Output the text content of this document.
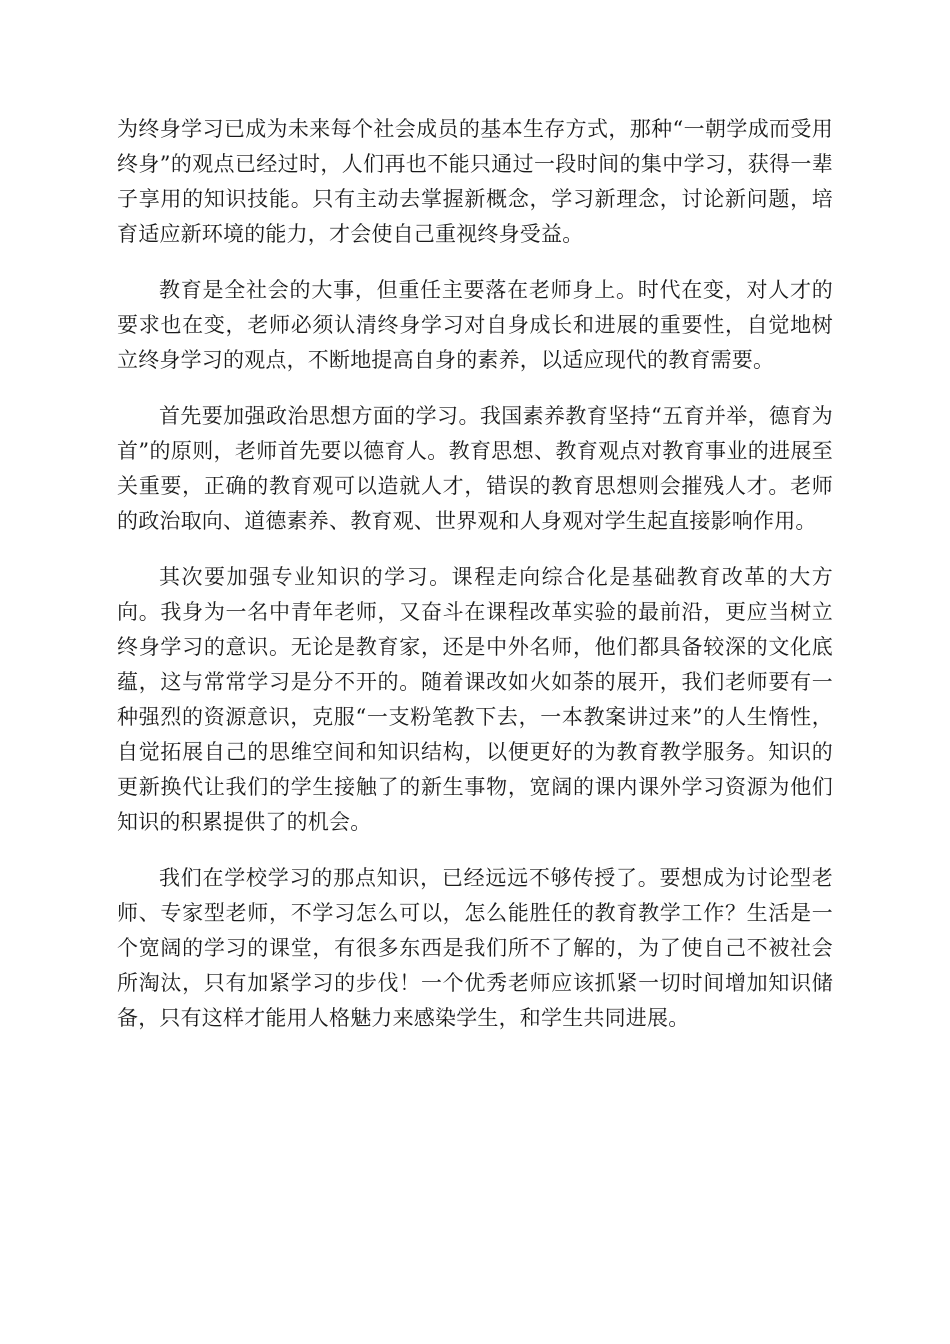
为终身学习已成为未来每个社会成员的基本生存方式，那种“一朝学成而受用终身”的观点已经过时，人们再也不能只通过一段时间的集中学习，获得一辈子享用的知识技能。只有主动去掌握新概念，学习新理念，讨论新问题，培育适应新环境的能力，才会使自己重视终身受益。

教育是全社会的大事，但重任主要落在老师身上。时代在变，对人才的要求也在变，老师必须认清终身学习对自身成长和进展的重要性，自觉地树立终身学习的观点，不断地提高自身的素养，以适应现代的教育需要。

首先要加强政治思想方面的学习。我国素养教育坚持“五育并举，德育为首”的原则，老师首先要以德育人。教育思想、教育观点对教育事业的进展至关重要，正确的教育观可以造就人才，错误的教育思想则会摧残人才。老师的政治取向、道德素养、教育观、世界观和人身观对学生起直接影响作用。

其次要加强专业知识的学习。课程走向综合化是基础教育改革的大方向。我身为一名中青年老师，又奋斗在课程改革实验的最前沿，更应当树立终身学习的意识。无论是教育家，还是中外名师，他们都具备较深的文化底蕴，这与常常学习是分不开的。随着课改如火如荼的展开，我们老师要有一种强烈的资源意识，克服“一支粉笔教下去，一本教案讲过来”的人生惰性，自觉拓展自己的思维空间和知识结构，以便更好的为教育教学服务。知识的更新换代让我们的学生接触了的新生事物，宽阔的课内课外学习资源为他们知识的积累提供了的机会。

我们在学校学习的那点知识，已经远远不够传授了。要想成为讨论型老师、专家型老师，不学习怎么可以，怎么能胜任的教育教学工作？生活是一个宽阔的学习的课堂，有很多东西是我们所不了解的，为了使自己不被社会所淘汰，只有加紧学习的步伐！一个优秀老师应该抓紧一切时间增加知识储备，只有这样才能用人格魅力来感染学生，和学生共同进展。
